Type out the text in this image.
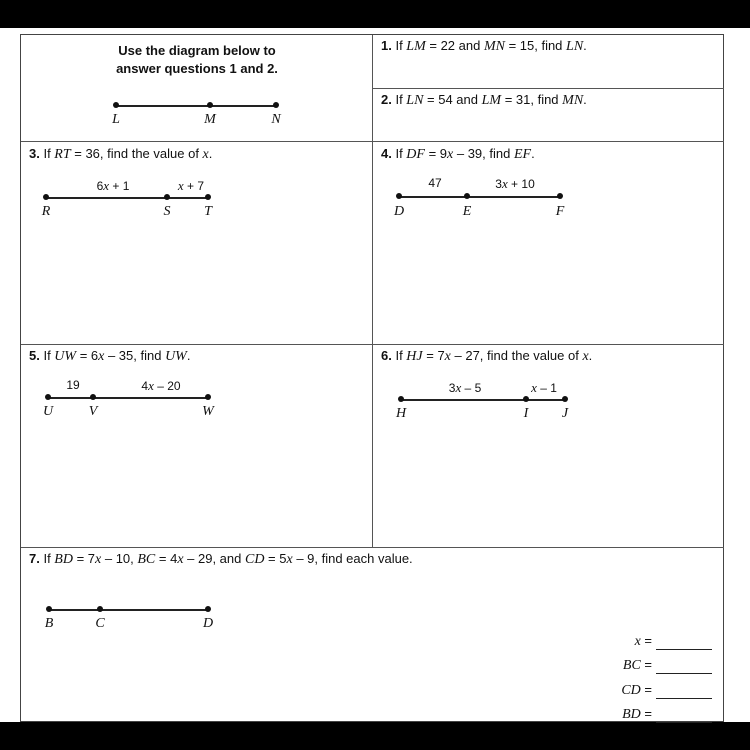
Use the diagram below to
answer questions 1 and 2.
L	M	N
1. If LM = 22 and MN = 15, find LN.
2. If LN = 54 and LM = 31, find MN.
3. If RT = 36, find the value of x.
6x + 1	x + 7
R	S T
4. If DF = 9x – 39, find EF.
47	3x + 10
D	E	F
5. If UW = 6x – 35, find UW.
19	4x – 20
U	V	W
6. If HJ = 7x – 27, find the value of x.
3x – 5	x – 1
H	I J
7. If BD = 7x – 10, BC = 4x – 29, and CD = 5x – 9, find each value.
B	C	D
x =
BC =
CD =
BD =
